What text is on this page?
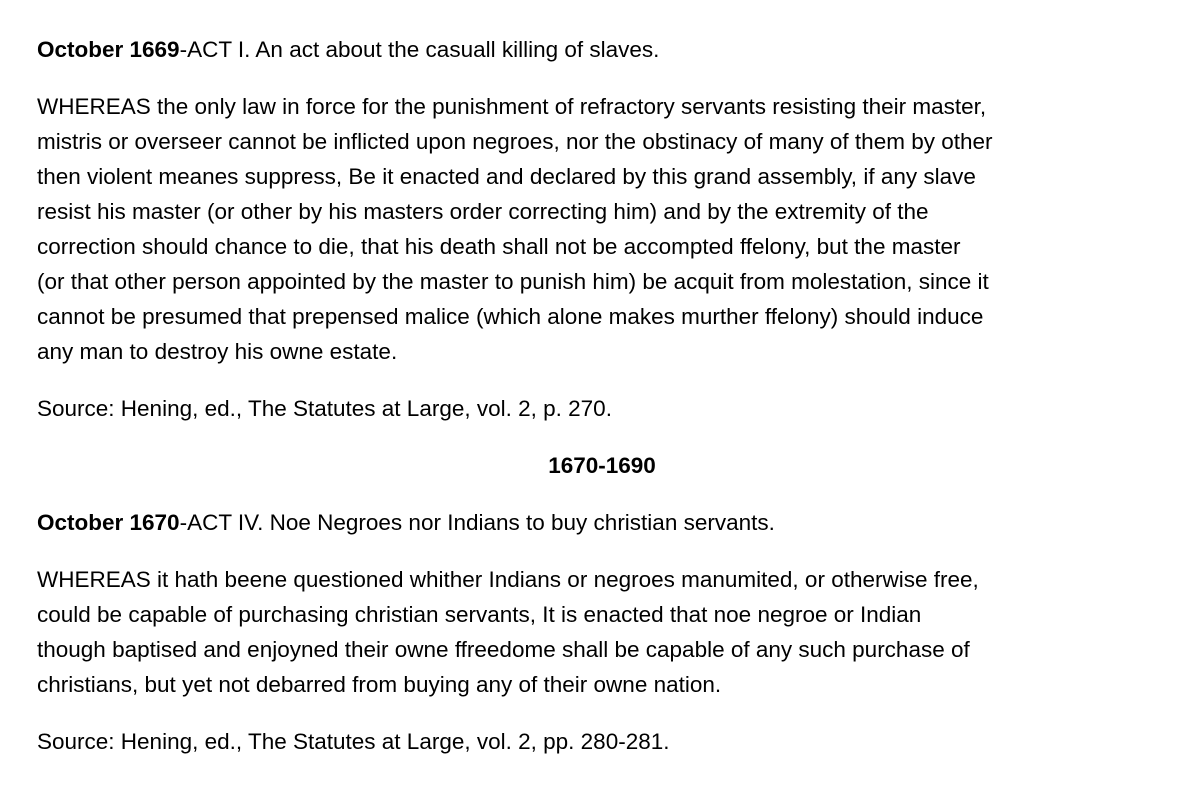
October 1669-ACT I. An act about the casuall killing of slaves.

WHEREAS the only law in force for the punishment of refractory servants resisting their master,
mistris or overseer cannot be inflicted upon negroes, nor the obstinacy of many of them by other
then violent meanes suppress, Be it enacted and declared by this grand assembly, if any slave
resist his master (or other by his masters order correcting him) and by the extremity of the
correction should chance to die, that his death shall not be accompted ffelony, but the master
(or that other person appointed by the master to punish him) be acquit from molestation, since it
cannot be presumed that prepensed malice (which alone makes murther ffelony) should induce
any man to destroy his owne estate.

Source: Hening, ed., The Statutes at Large, vol. 2, p. 270.

1670-1690

October 1670-ACT IV. Noe Negroes nor Indians to buy christian servants.

WHEREAS it hath beene questioned whither Indians or negroes manumited, or otherwise free,
could be capable of purchasing christian servants, It is enacted that noe negroe or Indian
though baptised and enjoyned their owne ffreedome shall be capable of any such purchase of
christians, but yet not debarred from buying any of their owne nation.

Source: Hening, ed., The Statutes at Large, vol. 2, pp. 280-281.
